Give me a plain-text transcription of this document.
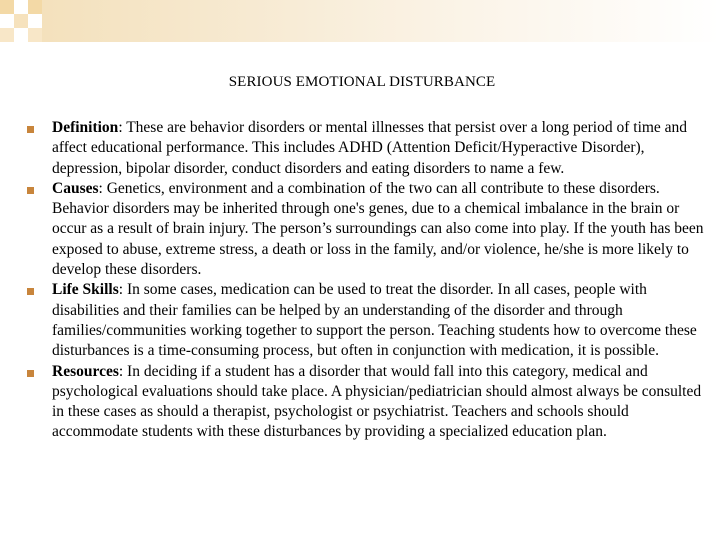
SERIOUS EMOTIONAL DISTURBANCE
Definition: These are behavior disorders or mental illnesses that persist over a long period of time and affect educational performance. This includes ADHD (Attention Deficit/Hyperactive Disorder), depression, bipolar disorder, conduct disorders and eating disorders to name a few.
Causes: Genetics, environment and a combination of the two can all contribute to these disorders. Behavior disorders may be inherited through one's genes, due to a chemical imbalance in the brain or occur as a result of brain injury. The person’s surroundings can also come into play. If the youth has been exposed to abuse, extreme stress, a death or loss in the family, and/or violence, he/she is more likely to develop these disorders.
Life Skills: In some cases, medication can be used to treat the disorder. In all cases, people with disabilities and their families can be helped by an understanding of the disorder and through families/communities working together to support the person. Teaching students how to overcome these disturbances is a time-consuming process, but often in conjunction with medication, it is possible.
Resources: In deciding if a student has a disorder that would fall into this category, medical and psychological evaluations should take place. A physician/pediatrician should almost always be consulted in these cases as should a therapist, psychologist or psychiatrist. Teachers and schools should accommodate students with these disturbances by providing a specialized education plan.
